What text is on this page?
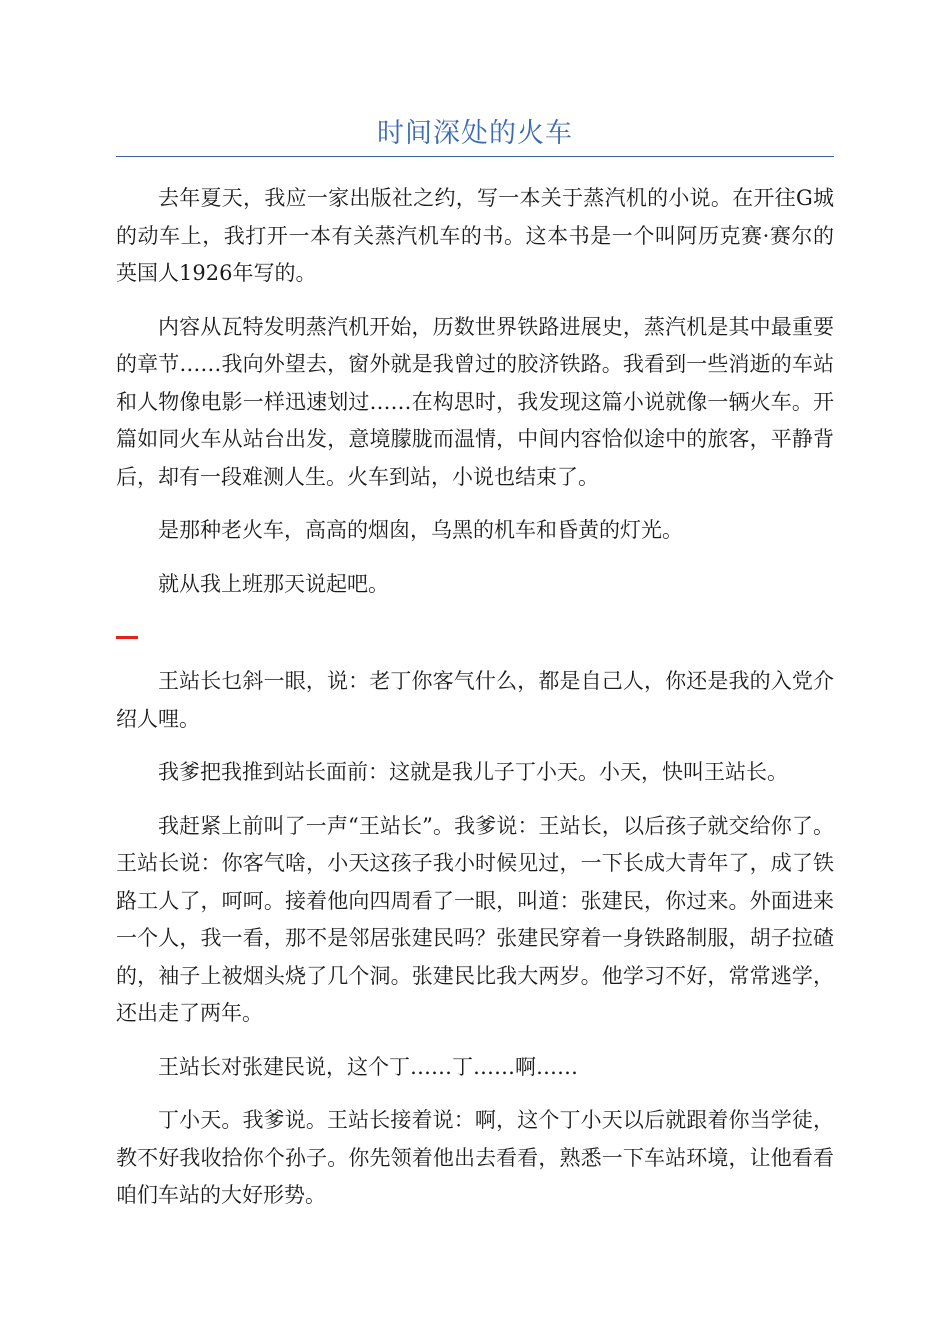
时间深处的火车

去年夏天，我应一家出版社之约，写一本关于蒸汽机的小说。在开往G城的动车上，我打开一本有关蒸汽机车的书。这本书是一个叫阿历克赛·赛尔的英国人1926年写的。

内容从瓦特发明蒸汽机开始，历数世界铁路进展史，蒸汽机是其中最重要的章节……我向外望去，窗外就是我曾过的胶济铁路。我看到一些消逝的车站和人物像电影一样迅速划过……在构思时，我发现这篇小说就像一辆火车。开篇如同火车从站台出发，意境朦胧而温情，中间内容恰似途中的旅客，平静背后，却有一段难测人生。火车到站，小说也结束了。

是那种老火车，高高的烟囱，乌黑的机车和昏黄的灯光。

就从我上班那天说起吧。

王站长乜斜一眼，说：老丁你客气什么，都是自己人，你还是我的入党介绍人哩。

我爹把我推到站长面前：这就是我儿子丁小天。小天，快叫王站长。

我赶紧上前叫了一声“王站长”。我爹说：王站长，以后孩子就交给你了。王站长说：你客气啥，小天这孩子我小时候见过，一下长成大青年了，成了铁路工人了，呵呵。接着他向四周看了一眼，叫道：张建民，你过来。外面进来一个人，我一看，那不是邻居张建民吗？张建民穿着一身铁路制服，胡子拉碴的，袖子上被烟头烧了几个洞。张建民比我大两岁。他学习不好，常常逃学，还出走了两年。

王站长对张建民说，这个丁……丁……啊……

丁小天。我爹说。王站长接着说：啊，这个丁小天以后就跟着你当学徒，教不好我收拾你个孙子。你先领着他出去看看，熟悉一下车站环境，让他看看咱们车站的大好形势。
